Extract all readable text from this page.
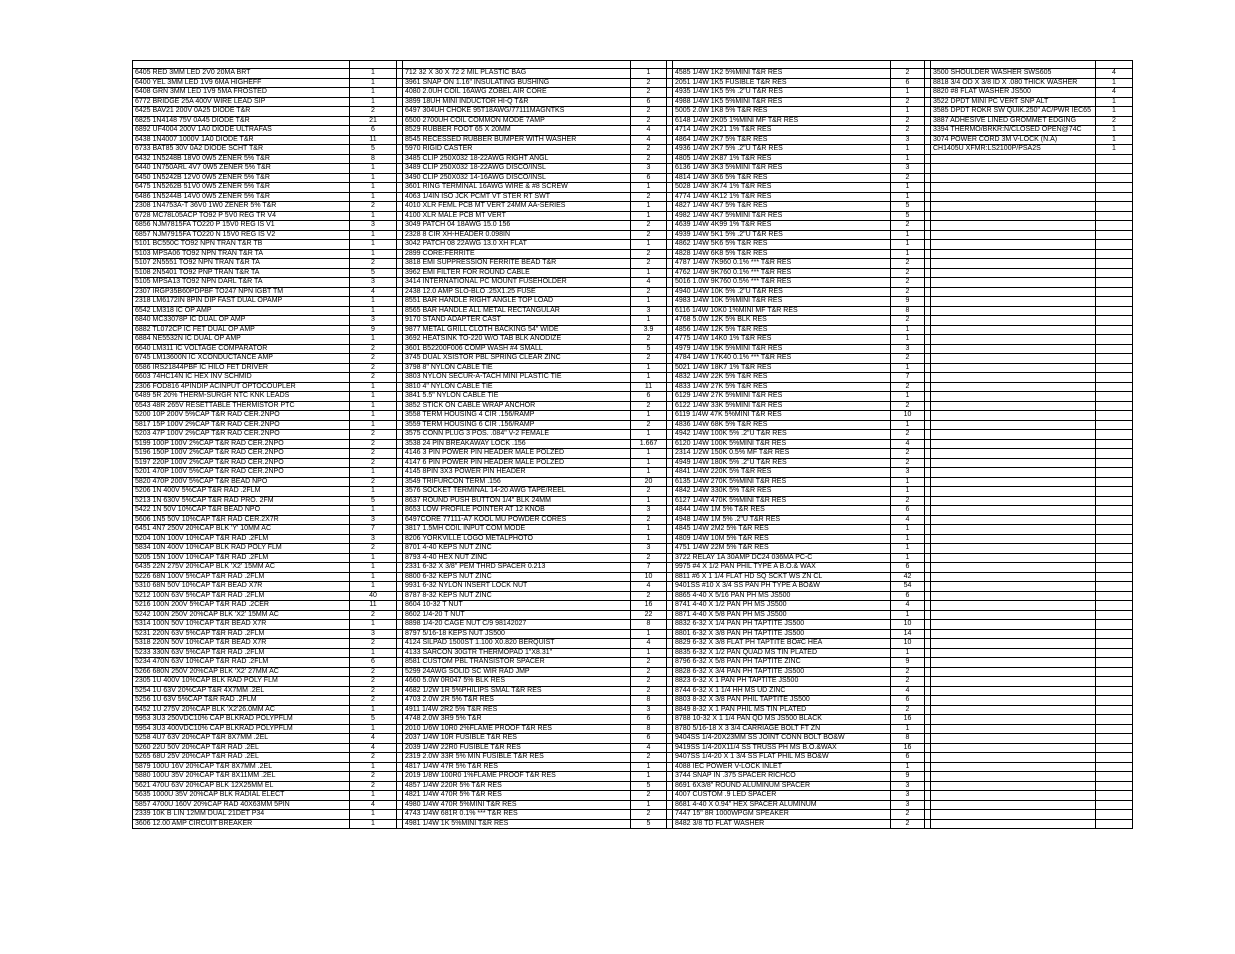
6405 RED 3MM LED 2V0 20MA BRT	1		712 32 X 30 X 72 2 MIL PLASTIC BAG	1		4585 1/4W 1K2 5%MINI T&R RES	2		3500 SHOULDER WASHER SWS605	4
6400 YEL 3MM LED 1V9 6MA HIGHEFF	1		3961 SNAP ON 1.16" INSULATING BUSHING	2		2051 1/4W 1K5 FUSIBLE T&R RES	6		8818 3/4 OD X 3/8 ID X .080 THICK WASHER	1
6408 GRN 3MM LED 1V9 5MA FROSTED	1		4080 2.0UH COIL 16AWG ZOBEL AIR CORE	2		4935 1/4W 1K5 5% .2"U T&R RES	1		8820 #8 FLAT WASHER JS500	4
6772 BRIDGE 25A 400V WIRE LEAD SIP	1		3899 18UH MINI INDUCTOR HI-Q T&R	6		4988 1/4W 1K5 5%MINI T&R RES	2		3522 DPDT MINI PC VERT SNP ALT	1
6425 BAV21 200V 0A25 DIODE T&R	2		6497 304UH CHOKE 95T18AWG/77111MAGNTKS	2		5005 2.0W 1K8 5% T&R RES	1		3585 DPDT ROKR SW QUIK.250" AC/PWR IEC65	1
6825 1N4148 75V 0A45 DIODE T&R	21		6500 2700UH COIL COMMON MODE 7AMP	2		6148 1/4W 2K05 1%MINI MF T&R RES	2		3887 ADHESIVE LINED GROMMET EDGING	2
6892 UF4004 200V 1A0 DIODE ULTRAFAS	6		8529 RUBBER FOOT 65 X 20MM	4		4714 1/4W 2K21 1% T&R RES	2		3394 THERMO/BRKR:N/CLOSED OPEN@74C	1
6438 1N4007 1000V 1A0 DIODE T&R	11		8545 RECESSED RUBBER BUMPER WITH WASHER	4		4864 1/4W 2K7 5% T&R RES	3		3074 POWER CORD 3M V-LOCK (N.A)	1
6733 BAT85 30V 0A2 DIODE SCHT T&R	5		5970 RIGID CASTER	2		4936 1/4W 2K7 5% .2"U T&R RES	1		CH1405U XFMR:LS2100P/PSA2S	1
6432 1N5248B 18V0 0W5 ZENER 5% T&R	8		3485 CLIP 250X032 18-22AWG RIGHT ANGL	2		4805 1/4W 2K87 1% T&R RES	1			
6440 1N750ARL 4V7 0W5 ZENER 5% T&R	1		3489 CLIP 250X032 18-22AWG DISCO/INSL	3		6136 1/4W 3K3 5%MINI T&R RES	3			
6450 1N5242B 12V0 0W5 ZENER 5% T&R	1		3490 CLIP 250X032 14-16AWG DISCO/INSL	6		4814 1/4W 3K6 5% T&R RES	2			
6475 1N5262B 51V0 0W5 ZENER 5% T&R	1		3601 RING TERMINAL 16AWG WIRE & #8 SCREW	1		5028 1/4W 3K74 1% T&R RES	1			
6486 1N5244B 14V0 0W5 ZENER 5% T&R	1		4063 1/4IN ISO JCK PCMT VT STER RT SWT	2		4774 1/4W 4K12 1% T&R RES	1			
2308 1N4753A-T 36V0 1W0 ZENER 5% T&R	2		4010 XLR FEML PCB MT VERT 24MM AA-SERIES	1		4827 1/4W 4K7 5% T&R RES	5			
6728 MC78L05ACP TO92 P 5V0 REG TR V4	1		4100 XLR MALE PCB MT VERT	1		4982 1/4W 4K7 5%MINI T&R RES	5			
6856 NJM7815FA TO220 P 15V0 REG IS V1	3		3049 PATCH 04 18AWG 15.0 156	2		4639 1/4W 4K99 1% T&R RES	2			
6857 NJM7915FA TO220 N 15V0 REG IS V2	1		2328 8 CIR XH-HEADER 0.098IN	2		4939 1/4W 5K1 5% .2"U T&R RES	1			
5101 BC550C TO92 NPN TRAN T&R TB	1		3042 PATCH 08 22AWG 13.0 XH FLAT	1		4862 1/4W 5K6 5% T&R RES	1			
5103 MPSA06 TO92 NPN TRAN T&R TA	1		2899 CORE:FERRITE	2		4828 1/4W 6K8 5% T&R RES	1			
5107 2N5551 TO92 NPN TRAN T&R TA	2		3818 EMI SUPPRESSION FERRITE BEAD T&R	2		4787 1/4W 7K960 0.1% *** T&R RES	2			
5108 2N5401 TO92 PNP TRAN T&R TA	5		3962 EMI FILTER FOR ROUND CABLE	1		4762 1/4W 9K760 0.1% *** T&R RES	2			
5105 MPSA13 TO92 NPN DARL T&R TA	3		3414 INTERNATIONAL PC MOUNT FUSEHOLDER	4		5016 1.0W 9K760 0.5% *** T&R RES	2			
2307 IRGP35B60PDPBF TO247 NPN IGBT TM	4		2438 12.0 AMP SLO-BLO .25X1.25 FUSE	2		4940 1/4W 10K 5% .2"U T&R RES	2			
2318 LM6172IN 8PIN DIP FAST DUAL OPAMP	1		8551 BAR HANDLE RIGHT ANGLE TOP LOAD	1		4983 1/4W 10K 5%MINI T&R RES	9			
6542 LM318 IC OP AMP	1		8565 BAR HANDLE ALL METAL RECTANGULAR	3		6116 1/4W 10K0 1%MINI MF T&R RES	8			
6840 MC33078P IC DUAL OP AMP	3		9170 STAND ADAPTER CAST	1		4768 5.0W 12K 5% BLK RES	2			
6882 TL072CP IC FET DUAL OP AMP	9		9877 METAL GRILL CLOTH BACKING 54" WIDE	3.9		4856 1/4W 12K 5% T&R RES	1			
6884 NE5532N IC DUAL OP AMP	1		3692 HEATSINK TO-220 W/O TAB BLK ANODIZE	2		4775 1/4W 14K0 1% T&R RES	1			
6640 LM311 IC VOLTAGE COMPARATOR	2		3601 B52200F006 COMP WASH #4 SMALL	5		4979 1/4W 15K 5%MINI T&R RES	3			
6745 LM13600N IC XCONDUCTANCE AMP	2		3745 DUAL XSISTOR PBL SPRING CLEAR ZINC	2		4784 1/4W 17K40 0.1% *** T&R RES	2			
6586 IRS21844PBF IC HILO FET DRIVER	2		3798 8" NYLON CABLE TIE	1		5021 1/4W 18K7 1% T&R RES	1			
6603 74HC14N IC HEX INV SCHMID	2		3803 NYLON SECUR-A-TACH MINI PLASTIC TIE	1		4832 1/4W 22K 5% T&R RES	7			
2306 FOD816 4PINDIP ACINPUT OPTOCOUPLER	1		3810 4" NYLON CABLE TIE	11		4833 1/4W 27K 5% T&R RES	2			
6489 5R 20% THERM-SURGR NTC KNK LEADS	1		3841 5.5" NYLON CABLE TIE	6		6129 1/4W 27K 5%MINI T&R RES	1			
6543 48R 265V RESETTABLE THERMISTOR PTC	1		3852 STICK ON CABLE WRAP ANCHOR	2		6122 1/4W 33K 5%MINI T&R RES	2			
5200 10P 200V 5%CAP T&R RAD CER.2NPO	1		3558 TERM HOUSING 4 CIR .156/RAMP	1		6119 1/4W 47K 5%MINI T&R RES	10			
5817 15P 100V 2%CAP T&R RAD CER.2NPO	1		3559 TERM HOUSING 6 CIR .156/RAMP	2		4836 1/4W 68K 5% T&R RES	1			
5203 47P 100V 2%CAP T&R RAD CER.2NPO	2		3575 CONN PLUG 3 POS. .084" V-2 FEMALE	1		4942 1/4W 100K 5% .2"U T&R RES	2			
5199 100P 100V 2%CAP T&R RAD CER.2NPO	2		3538 24 PIN BREAKAWAY LOCK .156	1.667		6120 1/4W 100K 5%MINI T&R RES	4			
5196 150P 100V 2%CAP T&R RAD CER.2NPO	2		4146 3 PIN POWER PIN HEADER MALE POLZED	1		2314 1/2W 150K 0.5% MF T&R RES	2			
5197 220P 100V 2%CAP T&R RAD CER.2NPO	2		4147 6 PIN POWER PIN HEADER MALE POLZED	1		4949 1/4W 180K 5% .2"U T&R RES	2			
5201 470P 100V 5%CAP T&R RAD CER.2NPO	1		4145 8PIN 3X3 POWER PIN HEADER	1		4841 1/4W 220K 5% T&R RES	3			
5820 470P 200V 5%CAP T&R BEAD NPO	2		3549 TRIFURCON TERM .156	20		6135 1/4W 270K 5%MINI T&R RES	1			
5206 1N 400V 5%CAP T&R RAD .2FLM	1		3576 SOCKET TERMINAL 14-20 AWG TAPE/REEL	2		4842 1/4W 330K 5% T&R RES	1			
5213 1N 630V 5%CAP T&R RAD PRO. 2FM	5		8637 ROUND PUSH BUTTON 1/4" BLK 24MM	1		6127 1/4W 470K 5%MINI T&R RES	2			
5422 1N 50V 10%CAP T&R BEAD NPO	1		8653 LOW PROFILE POINTER AT 12 KNOB	3		4844 1/4W 1M 5% T&R RES	6			
5606 1N5 50V 10%CAP T&R RAD CER.2X7R	3		6497CORE 77111-A7 KOOL MU POWDER CORES	2		4948 1/4W 1M 5% .2"U T&R RES	4			
6451 4N7 250V 20%CAP BLK 'Y' 10MM AC	7		3817 1.5MH COIL INPUT COM MODE	1		4845 1/4W 2M2 5% T&R RES	1			
5204 10N 100V 10%CAP T&R RAD .2FLM	3		8206 YORKVILLE LOGO METALPHOTO	1		4809 1/4W 10M 5% T&R RES	1			
5834 10N 400V 10%CAP BLK RAD POLY FLM	2		8701 4-40 KEPS NUT ZINC	3		4751 1/4W 22M 5% T&R RES	1			
5205 15N 100V 10%CAP T&R RAD .2FLM	1		8793 4-40 HEX NUT ZINC	2		3722 RELAY 1A 30AMP DC24 036MA PC-C	1			
6435 22N 275V 20%CAP BLK 'X2' 15MM AC	1		2331 6-32 X 3/8" PEM THRD SPACER 0.213	7		9975 #4 X 1/2 PAN PHIL TYPE A B.O.& WAX	6			
5226 68N 100V 5%CAP T&R RAD .2FLM	1		8800 6-32 KEPS NUT ZINC	10		8811 #6 X 1 1/4 FLAT HD SQ SCKT WS ZN CL	42			
5310 68N 50V 10%CAP T&R BEAD X7R	1		9931 6-32 NYLON INSERT LOCK NUT	4		9401SS #10 X 3/4 SS PAN PH TYPE A BO&W	54			
5212 100N 63V 5%CAP T&R RAD .2FLM	40		8787 8-32 KEPS NUT ZINC	2		8865 4-40 X 5/16 PAN PH MS JS500	6			
5216 100N 200V 5%CAP T&R RAD .2CER	11		8604 10-32 T NUT	16		8741 4-40 X 1/2 PAN PH MS JS500	4			
5242 100N 250V 20%CAP BLK 'X2' 15MM AC	2		8602 1/4-20 T NUT	22		8871 4-40 X 5/8 PAN PH MS JS500	1			
5314 100N 50V 10%CAP T&R BEAD X7R	1		8898 1/4-20 CAGE NUT C/9 98142027	8		8832 6-32 X 1/4 PAN PH TAPTITE JS500	10			
5231 220N 63V 5%CAP T&R RAD .2FLM	3		8797 5/16-18 KEPS NUT JS500	1		8801 6-32 X 3/8 PAN PH TAPTITE JS500	14			
5318 220N 50V 10%CAP T&R BEAD X7R	2		4124 SILPAD 1500ST 1.100 X0.820 BERQUIST	4		8829 6-32 X 3/8 FLAT PH TAPTITE BO#C HEA	10			
5233 330N 63V 5%CAP T&R RAD .2FLM	1		4133 SARCON 30GTR THERMOPAD 1"X8.31"	1		8835 6-32 X 1/2 PAN QUAD MS TIN PLATED	1			
5234 470N 63V 10%CAP T&R RAD .2FLM	6		8581 CUSTOM PBL TRANSISTOR SPACER	2		8796 6-32 X 5/8 PAN PH TAPTITE ZINC	9			
5266 680N 250V 20%CAP BLK 'X2' 27MM AC	2		5299 24AWG SOLID SC WIR RAD JMP	2		8828 6-32 X 3/4 PAN PH TAPTITE JS500	2			
2305 1U 400V 10%CAP BLK RAD POLY FLM	2		4660 5.0W 0R047 5% BLK RES	2		8823 6-32 X 1 PAN PH TAPTITE JS500	2			
5254 1U 63V 20%CAP T&R 4X7MM .2EL	2		4682 1/2W 1R 5%PHILIPS SMAL T&R RES	2		8744 6-32 X 1 1/4 HH MS UD ZINC	4			
5256 1U 63V 5%CAP T&R RAD .2FLM	2		4703 2.0W 2R 5% T&R RES	8		8803 8-32 X 3/8 PAN PHIL TAPTITE JS500	6			
6452 1U 275V 20%CAP BLK 'X2'26.0MM AC	1		4911 1/4W 2R2 5% T&R RES	3		8849 8-32 X 1 PAN PHIL MS TIN PLATED	2			
5953 3U3 250VDC10% CAP BLKRAD POLYPFLM	5		4748 2.0W 3R9 5% T&R	6		8788 10-32 X 1 1/4 PAN QD MS JS500 BLACK	16			
5954 3U3 400VDC10% CAP BLKRAD POLYPFLM	1		2010 1/6W 10R0 2%FLAME PROOF T&R RES	8		8780 5/16-18 X 3 3/4 CARRIAGE BOLT FT ZN	1			
5258 4U7 63V 20%CAP T&R 8X7MM .2EL	4		2037 1/4W 10R FUSIBLE T&R RES	6		9404SS 1/4-20X23MM SS JOINT CONN BOLT BO&W	8			
5260 22U 50V 20%CAP T&R RAD .2EL	4		2039 1/4W 22R0 FUSIBLE T&R RES	4		9419SS 1/4-20X11/4 SS TRUSS PH MS B.O.&WAX	16			
5265 68U 25V 20%CAP T&R RAD .2EL	2		2319 2.0W 33R 5% MIN FUSIBLE T&R RES	2		9407SS 1/4-20 X 1 3/4 SS FLAT PHIL MS BO&W	6			
5879 100U 16V 20%CAP T&R 8X7MM .2EL	1		4817 1/4W 47R 5% T&R RES	1		4088 IEC POWER V-LOCK INLET	1			
5880 100U 35V 20%CAP T&R 8X11MM .2EL	2		2019 1/8W 100R0 1%FLAME PROOF T&R RES	1		3744 SNAP IN .375 SPACER RICHCO	9			
5621 470U 63V 20%CAP BLK 12X25MM EL	2		4857 1/4W 220R 5% T&R RES	5		8691 6X3/8" ROUND ALUMINUM SPACER	3			
5635 1000U 35V 20%CAP BLK RADIAL ELECT	1		4821 1/4W 470R 5% T&R RES	2		4007 CUSTOM .9 LED SPACER	3			
5857 4700U 160V 20%CAP RAD 40X63MM 5PIN	4		4980 1/4W 470R 5%MINI T&R RES	1		8681 4-40 X 0.94" HEX SPACER ALUMINUM	3			
2339 10K B LIN 12MM DUAL 21DET P34	1		4743 1/4W 681R 0.1% *** T&R RES	2		7447 15" 8R 1000WPGM SPEAKER	2			
3606 12.00 AMP CIRCUIT BREAKER	1		4981 1/4W 1K 5%MINI T&R RES	5		8482 3/8 TD FLAT WASHER	2			
